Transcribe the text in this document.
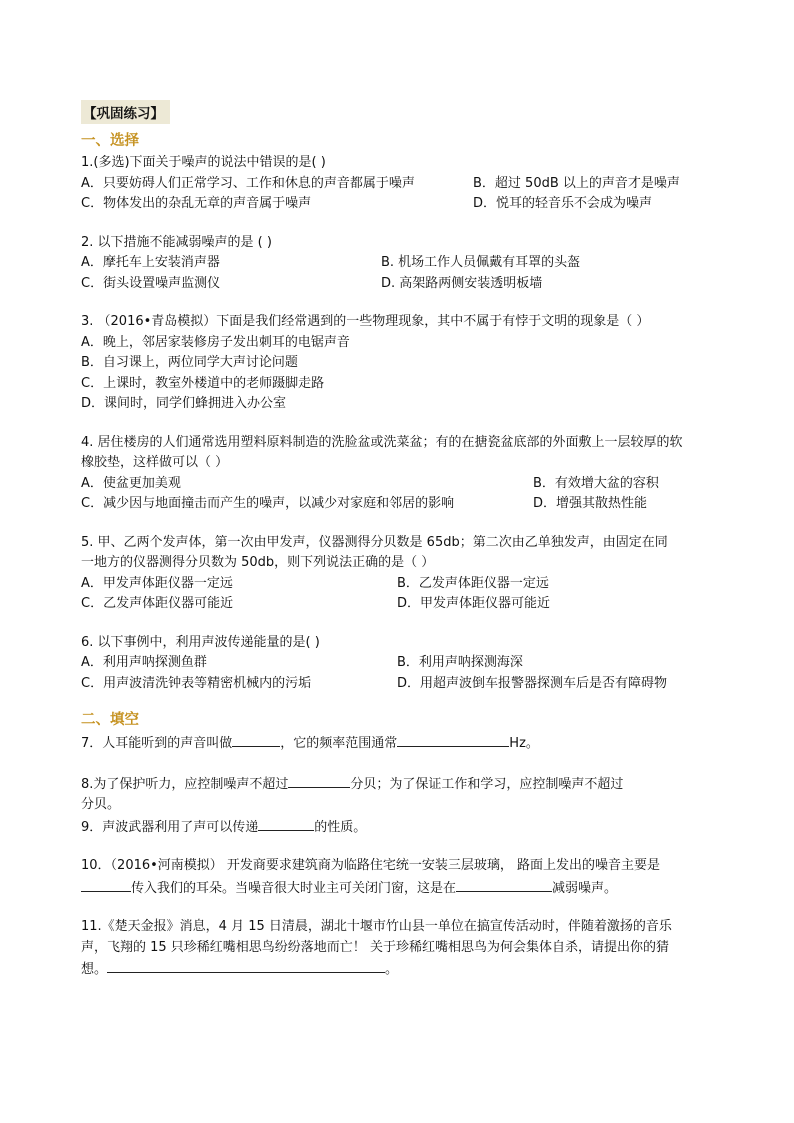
【巩固练习】
一、选择
1.(多选)下面关于噪声的说法中错误的是( )
A．只要妨碍人们正常学习、工作和休息的声音都属于噪声	B．超过 50dB 以上的声音才是噪声
C．物体发出的杂乱无章的声音属于噪声	D．悦耳的轻音乐不会成为噪声
2. 以下措施不能减弱噪声的是 ( )
A．摩托车上安装消声器	B. 机场工作人员佩戴有耳罩的头盔
C．街头设置噪声监测仪	D. 高架路两侧安装透明板墙
3. （2016•青岛模拟）下面是我们经常遇到的一些物理现象，其中不属于有悖于文明的现象是（ ）
A．晚上，邻居家装修房子发出刺耳的电锯声音
B．自习课上，两位同学大声讨论问题
C．上课时，教室外楼道中的老师蹑脚走路
D．课间时，同学们蜂拥进入办公室
4. 居住楼房的人们通常选用塑料原料制造的洗脸盆或洗菜盆；有的在搪瓷盆底部的外面敷上一层较厚的软
橡胶垫，这样做可以（ ）
A．使盆更加美观	B．有效增大盆的容积
C．减少因与地面撞击而产生的噪声，以减少对家庭和邻居的影响	D．增强其散热性能
5. 甲、乙两个发声体，第一次由甲发声，仪器测得分贝数是 65db；第二次由乙单独发声，由固定在同
一地方的仪器测得分贝数为 50db，则下列说法正确的是（ ）
A．甲发声体距仪器一定远	B．乙发声体距仪器一定远
C．乙发声体距仪器可能近	D．甲发声体距仪器可能近
6. 以下事例中，利用声波传递能量的是( )
A．利用声呐探测鱼群	B．利用声呐探测海深
C．用声波清洗钟表等精密机械内的污垢	D．用超声波倒车报警器探测车后是否有障碍物
二、填空
7．人耳能听到的声音叫做	，它的频率范围通常	Hz。
8.为了保护听力，应控制噪声不超过	分贝；为了保证工作和学习，应控制噪声不超过
分贝。
9．声波武器利用了声可以传递	的性质。
10．（2016•河南模拟） 开发商要求建筑商为临路住宅统一安装三层玻璃， 路面上发出的噪音主要是
传入我们的耳朵。当噪音很大时业主可关闭门窗，这是在	减弱噪声。
11.《楚天金报》消息，4 月 15 日清晨，湖北十堰市竹山县一单位在搞宣传活动时，伴随着激扬的音乐
声，飞翔的 15 只珍稀红嘴相思鸟纷纷落地而亡！ 关于珍稀红嘴相思鸟为何会集体自杀，请提出你的猜
想。	。
